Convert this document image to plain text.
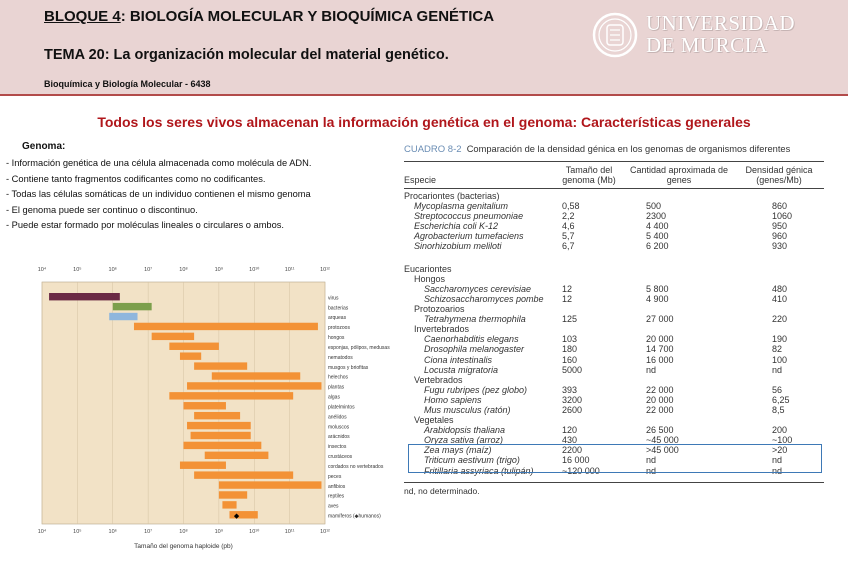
BLOQUE 4: BIOLOGÍA MOLECULAR Y BIOQUÍMICA GENÉTICA
TEMA 20: La organización molecular del material genético.
Bioquímica y Biología Molecular - 6438
UNIVERSIDAD
DE MURCIA
Todos los seres vivos almacenan la información genética en el genoma: Características generales
Genoma:
- Información genética de una célula almacenada como molécula de ADN.
- Contiene tanto fragmentos codificantes como no codificantes.
- Todas las células somáticas de un individuo contienen el mismo genoma
- El genoma puede ser continuo o discontinuo.
- Puede estar formado por moléculas lineales o circulares o ambos.
10⁴
10⁴
10⁵
10⁵
10⁶
10⁶
10⁷
10⁷
10⁸
10⁸
10⁹
10⁹
10¹⁰
10¹⁰
10¹¹
10¹¹
10¹²
10¹²
virus
bacterias
arqueas
protozoos
hongos
esponjas, pólipos, medusas
nematodos
musgos y briofitas
helechos
plantas
algas
platelmintos
anélidos
moluscos
arácnidos
insectos
crustáceos
cordados no vertebrados
peces
anfibios
reptiles
aves
mamíferos (◆humanos)
◆
Tamaño del genoma haploide (pb)
CUADRO 8-2 Comparación de la densidad génica en los genomas de organismos diferentes
Especie	Tamaño del genoma (Mb)	Cantidad aproximada de genes	Densidad génica (genes/Mb)
Procariontes (bacterias)			
Mycoplasma genitalium	0,58	500	860
Streptococcus pneumoniae	2,2	2300	1060
Escherichia coli K-12	4,6	4 400	950
Agrobacterium tumefaciens	5,7	5 400	960
Sinorhizobium meliloti	6,7	6 200	930

Eucariontes			
Hongos			
Saccharomyces cerevisiae	12	5 800	480
Schizosaccharomyces pombe	12	4 900	410
Protozoarios			
Tetrahymena thermophila	125	27 000	220
Invertebrados			
Caenorhabditis elegans	103	20 000	190
Drosophila melanogaster	180	14 700	82
Ciona intestinalis	160	16 000	100
Locusta migratoria	5000	nd	nd
Vertebrados			
Fugu rubripes (pez globo)	393	22 000	56
Homo sapiens	3200	20 000	6,25
Mus musculus (ratón)	2600	22 000	8,5
Vegetales			
Arabidopsis thaliana	120	26 500	200
Oryza sativa (arroz)	430	~45 000	~100
Zea mays (maíz)	2200	>45 000	>20
Triticum aestivum (trigo)	16 000	nd	nd
Fritillaria assyriaca (tulipán)	~120 000	nd	nd
nd, no determinado.
